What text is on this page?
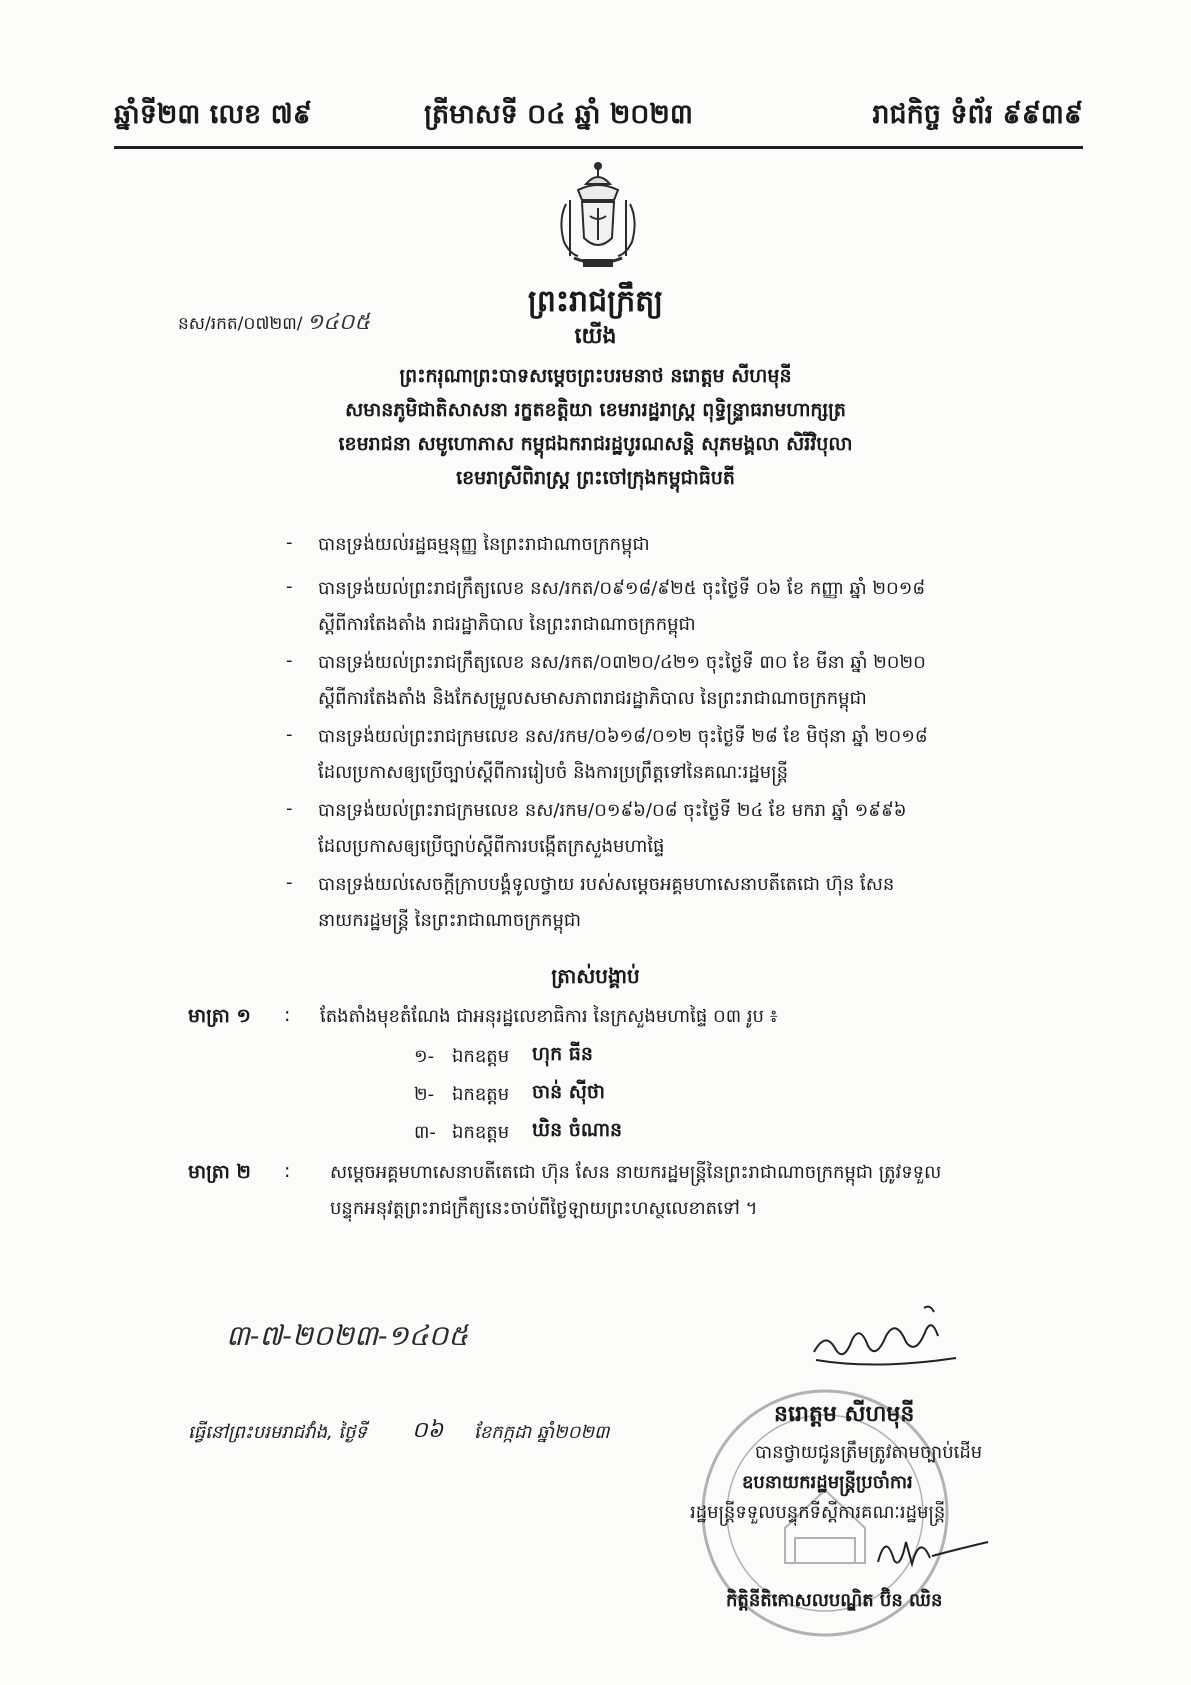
ឆ្នាំទី២៣ លេខ ៧៩	ត្រីមាសទី ០៤ ឆ្នាំ ២០២៣	រាជកិច្ច ទំព័រ ៩៩៣៩
ព្រះរាជក្រឹត្យ
នស/រកត/០៧២៣/ ១៤០៥
យើង
ព្រះករុណាព្រះបាទសម្តេចព្រះបរមនាថ នរោត្តម សីហមុនី
សមានភូមិជាតិសាសនា រក្ខតខត្តិយា ខេមរារដ្ឋរាស្ត្រ ពុទ្ធិន្ទ្រាធរាមហាក្សត្រ
ខេមរាជនា សមូហោភាស កម្ពុជឯករាជរដ្ឋបូរណសន្តិ សុភមង្គលា សិរីវិបុលា
ខេមរាស្រីពិរាស្ត្រ ព្រះចៅក្រុងកម្ពុជាធិបតី
- បានទ្រង់យល់រដ្ឋធម្មនុញ្ញ នៃព្រះរាជាណាចក្រកម្ពុជា
- បានទ្រង់យល់ព្រះរាជក្រឹត្យលេខ នស/រកត/០៩១៨/៩២៥ ចុះថ្ងៃទី ០៦ ខែ កញ្ញា ឆ្នាំ ២០១៨
ស្តីពីការតែងតាំង រាជរដ្ឋាភិបាល នៃព្រះរាជាណាចក្រកម្ពុជា
- បានទ្រង់យល់ព្រះរាជក្រឹត្យលេខ នស/រកត/០៣២០/៤២១ ចុះថ្ងៃទី ៣០ ខែ មីនា ឆ្នាំ ២០២០
ស្តីពីការតែងតាំង និងកែសម្រួលសមាសភាពរាជរដ្ឋាភិបាល នៃព្រះរាជាណាចក្រកម្ពុជា
- បានទ្រង់យល់ព្រះរាជក្រមលេខ នស/រកម/០៦១៨/០១២ ចុះថ្ងៃទី ២៨ ខែ មិថុនា ឆ្នាំ ២០១៨
ដែលប្រកាសឲ្យប្រើច្បាប់ស្តីពីការរៀបចំ និងការប្រព្រឹត្តទៅនៃគណៈរដ្ឋមន្ត្រី
- បានទ្រង់យល់ព្រះរាជក្រមលេខ នស/រកម/០១៩៦/០៨ ចុះថ្ងៃទី ២៤ ខែ មករា ឆ្នាំ ១៩៩៦
ដែលប្រកាសឲ្យប្រើច្បាប់ស្តីពីការបង្កើតក្រសួងមហាផ្ទៃ
- បានទ្រង់យល់សេចក្តីក្រាបបង្គំទូលថ្វាយ របស់សម្តេចអគ្គមហាសេនាបតីតេជោ ហ៊ុន សែន
នាយករដ្ឋមន្ត្រី នៃព្រះរាជាណាចក្រកម្ពុជា
ត្រាស់បង្គាប់
មាត្រា ១ : តែងតាំងមុខតំណែង ជាអនុរដ្ឋលេខាធិការ នៃក្រសួងមហាផ្ទៃ ០៣ រូប ៖
១- ឯកឧត្តម ហុក ធីន
២- ឯកឧត្តម ចាន់ ស៊ីថា
៣- ឯកឧត្តម ឃិន ចំណាន
មាត្រា ២ : សម្តេចអគ្គមហាសេនាបតីតេជោ ហ៊ុន សែន នាយករដ្ឋមន្ត្រីនៃព្រះរាជាណាចក្រកម្ពុជា ត្រូវទទួល
បន្ទុកអនុវត្តព្រះរាជក្រឹត្យនេះចាប់ពីថ្ងៃឡាយព្រះហស្ថលេខាតទៅ ។
៣-៧-២០២៣-១៤០៥
ធ្វើនៅព្រះបរមរាជវាំង, ថ្ងៃទី ០៦ ខែកក្កដា ឆ្នាំ២០២៣
នរោត្តម សីហមុនី
បានថ្វាយជូនត្រឹមត្រូវតាមច្បាប់ដើម
ឧបនាយករដ្ឋមន្ត្រីប្រចាំការ
រដ្ឋមន្ត្រីទទួលបន្ទុកទីស្តីការគណៈរដ្ឋមន្ត្រី
កិត្តិនីតិកោសលបណ្ឌិត ប៊ិន ឈិន
